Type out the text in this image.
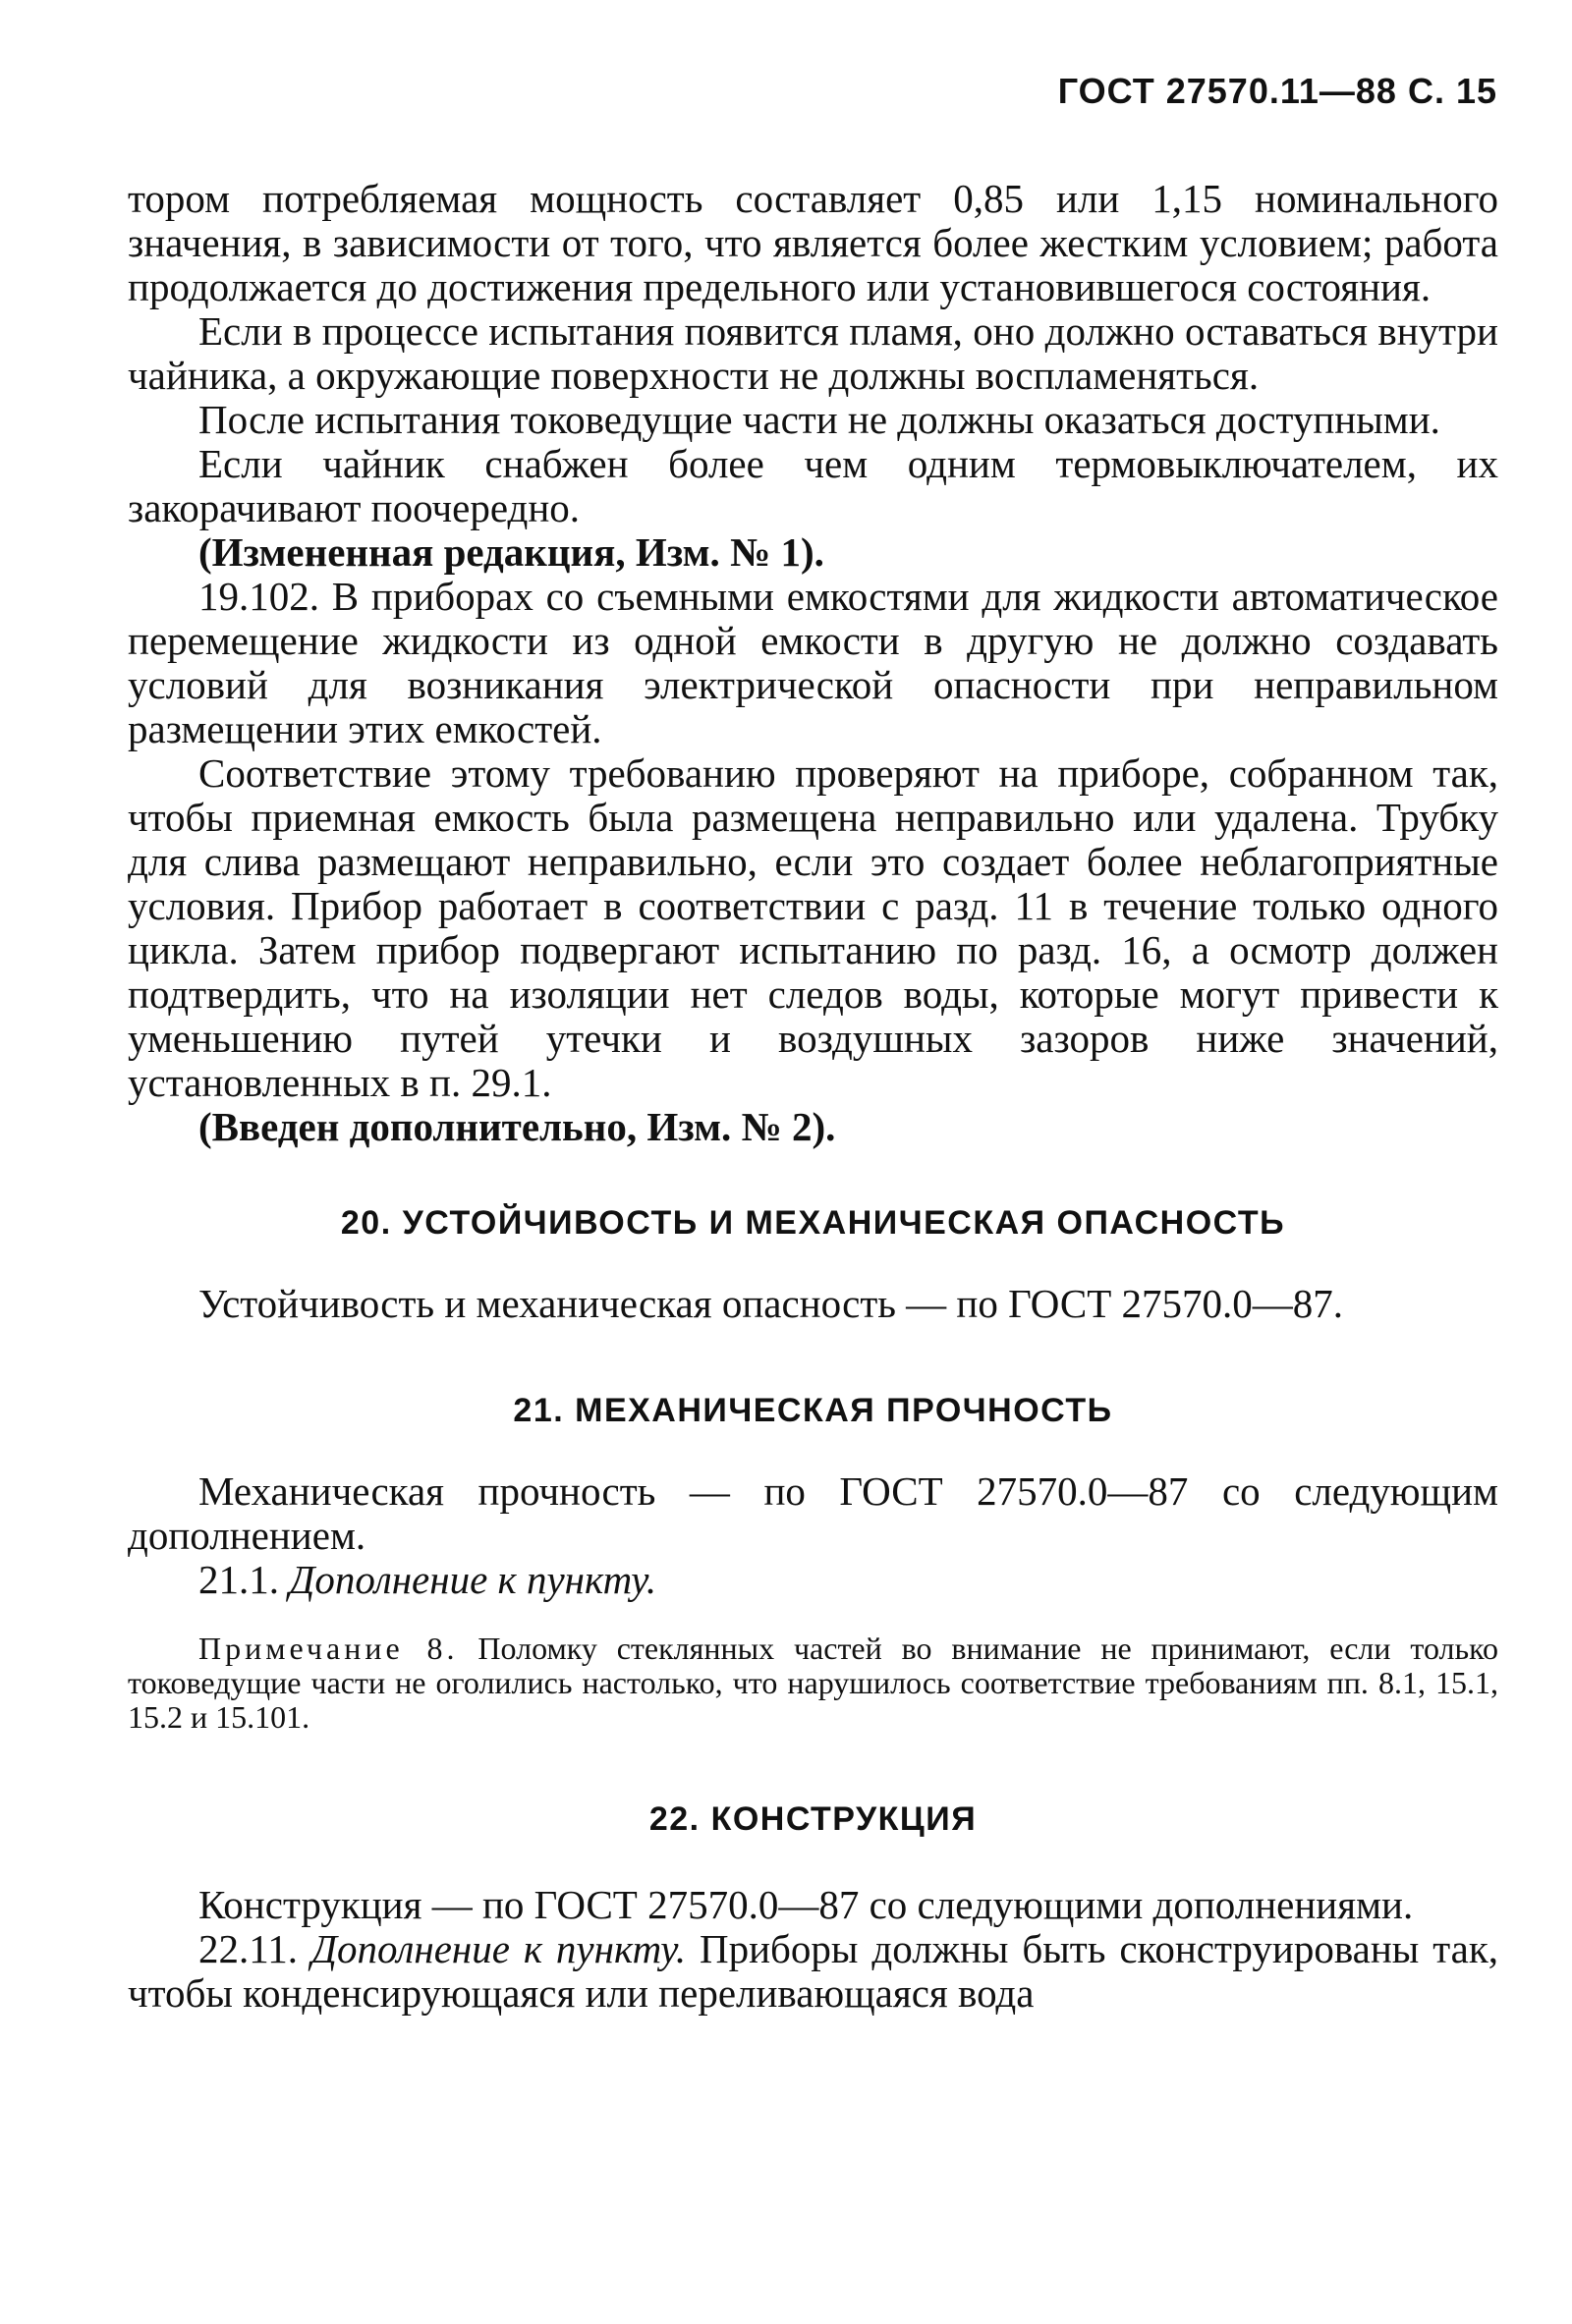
ГОСТ 27570.11—88 С. 15

тором потребляемая мощность составляет 0,85 или 1,15 номинального значения, в зависимости от того, что является более жестким условием; работа продолжается до достижения предельного или установившегося состояния.

Если в процессе испытания появится пламя, оно должно оставаться внутри чайника, а окружающие поверхности не должны воспламеняться.

После испытания токоведущие части не должны оказаться доступными.

Если чайник снабжен более чем одним термовыключателем, их закорачивают поочередно.

(Измененная редакция, Изм. № 1).

19.102. В приборах со съемными емкостями для жидкости автоматическое перемещение жидкости из одной емкости в другую не должно создавать условий для возникания электрической опасности при неправильном размещении этих емкостей.

Соответствие этому требованию проверяют на приборе, собранном так, чтобы приемная емкость была размещена неправильно или удалена. Трубку для слива размещают неправильно, если это создает более неблагоприятные условия. Прибор работает в соответствии с разд. 11 в течение только одного цикла. Затем прибор подвергают испытанию по разд. 16, а осмотр должен подтвердить, что на изоляции нет следов воды, которые могут привести к уменьшению путей утечки и воздушных зазоров ниже значений, установленных в п. 29.1.

(Введен дополнительно, Изм. № 2).

20. УСТОЙЧИВОСТЬ И МЕХАНИЧЕСКАЯ ОПАСНОСТЬ

Устойчивость и механическая опасность — по ГОСТ 27570.0—87.

21. МЕХАНИЧЕСКАЯ ПРОЧНОСТЬ

Механическая прочность — по ГОСТ 27570.0—87 со следующим дополнением.

21.1. Дополнение к пункту.

Примечание 8. Поломку стеклянных частей во внимание не принимают, если только токоведущие части не оголились настолько, что нарушилось соответствие требованиям пп. 8.1, 15.1, 15.2 и 15.101.
22. КОНСТРУКЦИЯ

Конструкция — по ГОСТ 27570.0—87 со следующими дополнениями.

22.11. Дополнение к пункту. Приборы должны быть сконструированы так, чтобы конденсирующаяся или переливающаяся вода
